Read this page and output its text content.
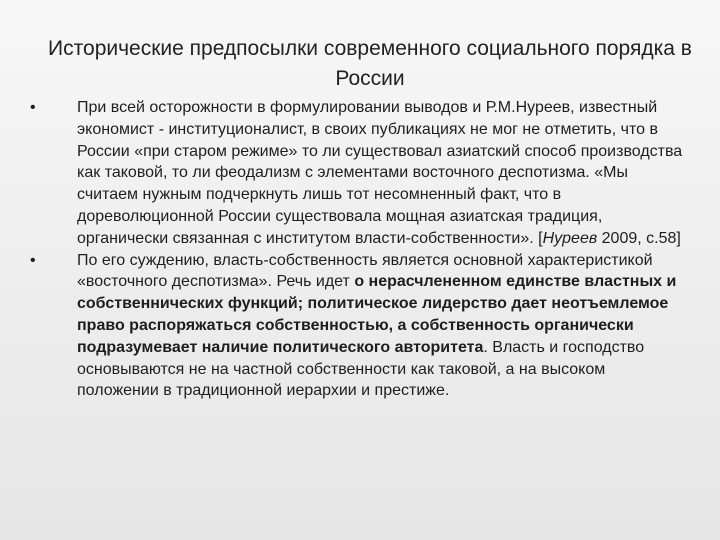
Исторические предпосылки современного социального порядка в России
•	При всей осторожности в формулировании выводов и Р.М.Нуреев, известный экономист - институционалист, в своих публикациях не мог не отметить, что в России «при старом режиме» то ли существовал азиатский способ производства как таковой, то ли феодализм с элементами восточного деспотизма. «Мы считаем нужным подчеркнуть лишь тот несомненный факт, что в дореволюционной России существовала мощная азиатская традиция, органически связанная с институтом власти-собственности». [Нуреев 2009, с.58]
•	По его суждению, власть-собственность является основной характеристикой «восточного деспотизма». Речь идет о нерасчлененном единстве властных и собственнических функций; политическое лидерство дает неотъемлемое право распоряжаться собственностью, а собственность органически подразумевает наличие политического авторитета. Власть и господство основываются не на частной собственности как таковой, а на высоком положении в традиционной иерархии и престиже.
